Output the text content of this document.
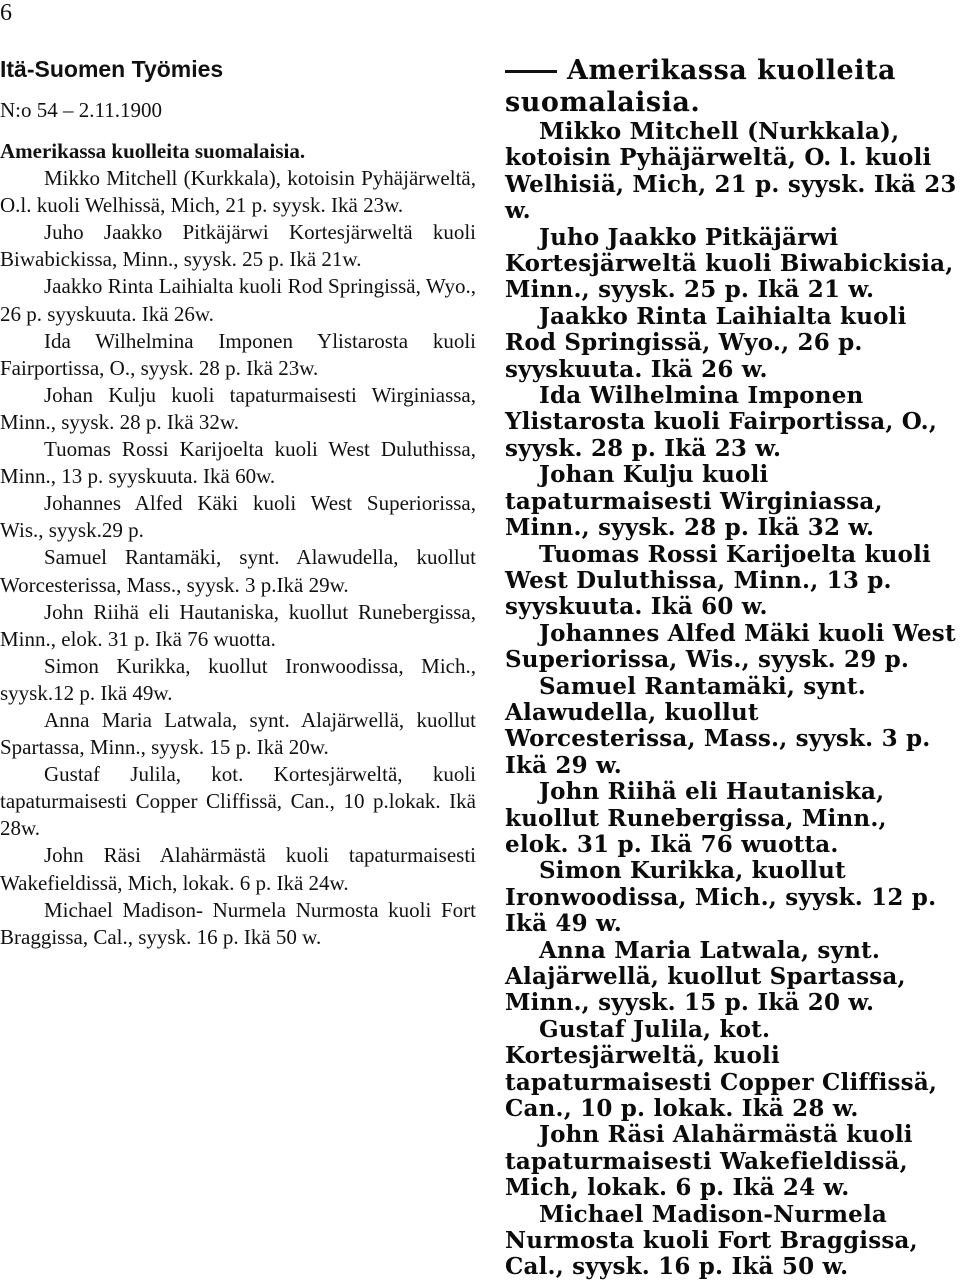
6
Itä-Suomen Työmies
N:o 54 – 2.11.1900
Amerikassa kuolleita suomalaisia.
Mikko Mitchell (Kurkkala), kotoisin Pyhäjärweltä, O.l. kuoli Welhissä, Mich, 21 p. syysk. Ikä 23w.
Juho Jaakko Pitkäjärwi Kortesjärweltä kuoli Biwabickissa, Minn., syysk. 25 p. Ikä 21w.
Jaakko Rinta Laihialta kuoli Rod Springissä, Wyo., 26 p. syyskuuta. Ikä 26w.
Ida Wilhelmina Imponen Ylistarosta kuoli Fairportissa, O., syysk. 28 p. Ikä 23w.
Johan Kulju kuoli tapaturmaisesti Wirginiassa, Minn., syysk. 28 p. Ikä 32w.
Tuomas Rossi Karijoelta kuoli West Duluthissa, Minn., 13 p. syyskuuta. Ikä 60w.
Johannes Alfed Käki kuoli West Superiorissa, Wis., syysk.29 p.
Samuel Rantamäki, synt. Alawudella, kuollut Worcesterissa, Mass., syysk. 3 p.Ikä 29w.
John Riihä eli Hautaniska, kuollut Runebergissa, Minn., elok. 31 p. Ikä 76 wuotta.
Simon Kurikka, kuollut Ironwoodissa, Mich., syysk.12 p. Ikä 49w.
Anna Maria Latwala, synt. Alajärwellä, kuollut Spartassa, Minn., syysk. 15 p. Ikä 20w.
Gustaf Julila, kot. Kortesjärweltä, kuoli tapaturmaisesti Copper Cliffissä, Can., 10 p.lokak. Ikä 28w.
John Räsi Alahärmästä kuoli tapaturmaisesti Wakefieldissä, Mich, lokak. 6 p. Ikä 24w.
Michael Madison- Nurmela Nurmosta kuoli Fort Braggissa, Cal., syysk. 16 p. Ikä 50 w.

Amerikassa kuolleita suomalaisia.

Mikko Mitchell (Nurkkala), kotoisin Pyhäjärweltä, O. l. kuoli Welhisiä, Mich, 21 p. syysk. Ikä 23 w.

Juho Jaakko Pitkäjärwi Kortesjärweltä kuoli Biwabickisia, Minn., syysk. 25 p. Ikä 21 w.

Jaakko Rinta Laihialta kuoli Rod Springissä, Wyo., 26 p. syyskuuta. Ikä 26 w.

Ida Wilhelmina Imponen Ylistarosta kuoli Fairportissa, O., syysk. 28 p. Ikä 23 w.

Johan Kulju kuoli tapaturmaisesti Wirginiassa, Minn., syysk. 28 p. Ikä 32 w.

Tuomas Rossi Karijoelta kuoli West Duluthissa, Minn., 13 p. syyskuuta. Ikä 60 w.

Johannes Alfed Mäki kuoli West Superiorissa, Wis., syysk. 29 p.

Samuel Rantamäki, synt. Alawudella, kuollut Worcesterissa, Mass., syysk. 3 p. Ikä 29 w.

John Riihä eli Hautaniska, kuollut Runebergissa, Minn., elok. 31 p. Ikä 76 wuotta.

Simon Kurikka, kuollut Ironwoodissa, Mich., syysk. 12 p. Ikä 49 w.

Anna Maria Latwala, synt. Alajärwellä, kuollut Spartassa, Minn., syysk. 15 p. Ikä 20 w.

Gustaf Julila, kot. Kortesjärweltä, kuoli tapaturmaisesti Copper Cliffissä, Can., 10 p. lokak. Ikä 28 w.

John Räsi Alahärmästä kuoli tapaturmaisesti Wakefieldissä, Mich, lokak. 6 p. Ikä 24 w.

Michael Madison-Nurmela Nurmosta kuoli Fort Braggissa, Cal., syysk. 16 p. Ikä 50 w.
